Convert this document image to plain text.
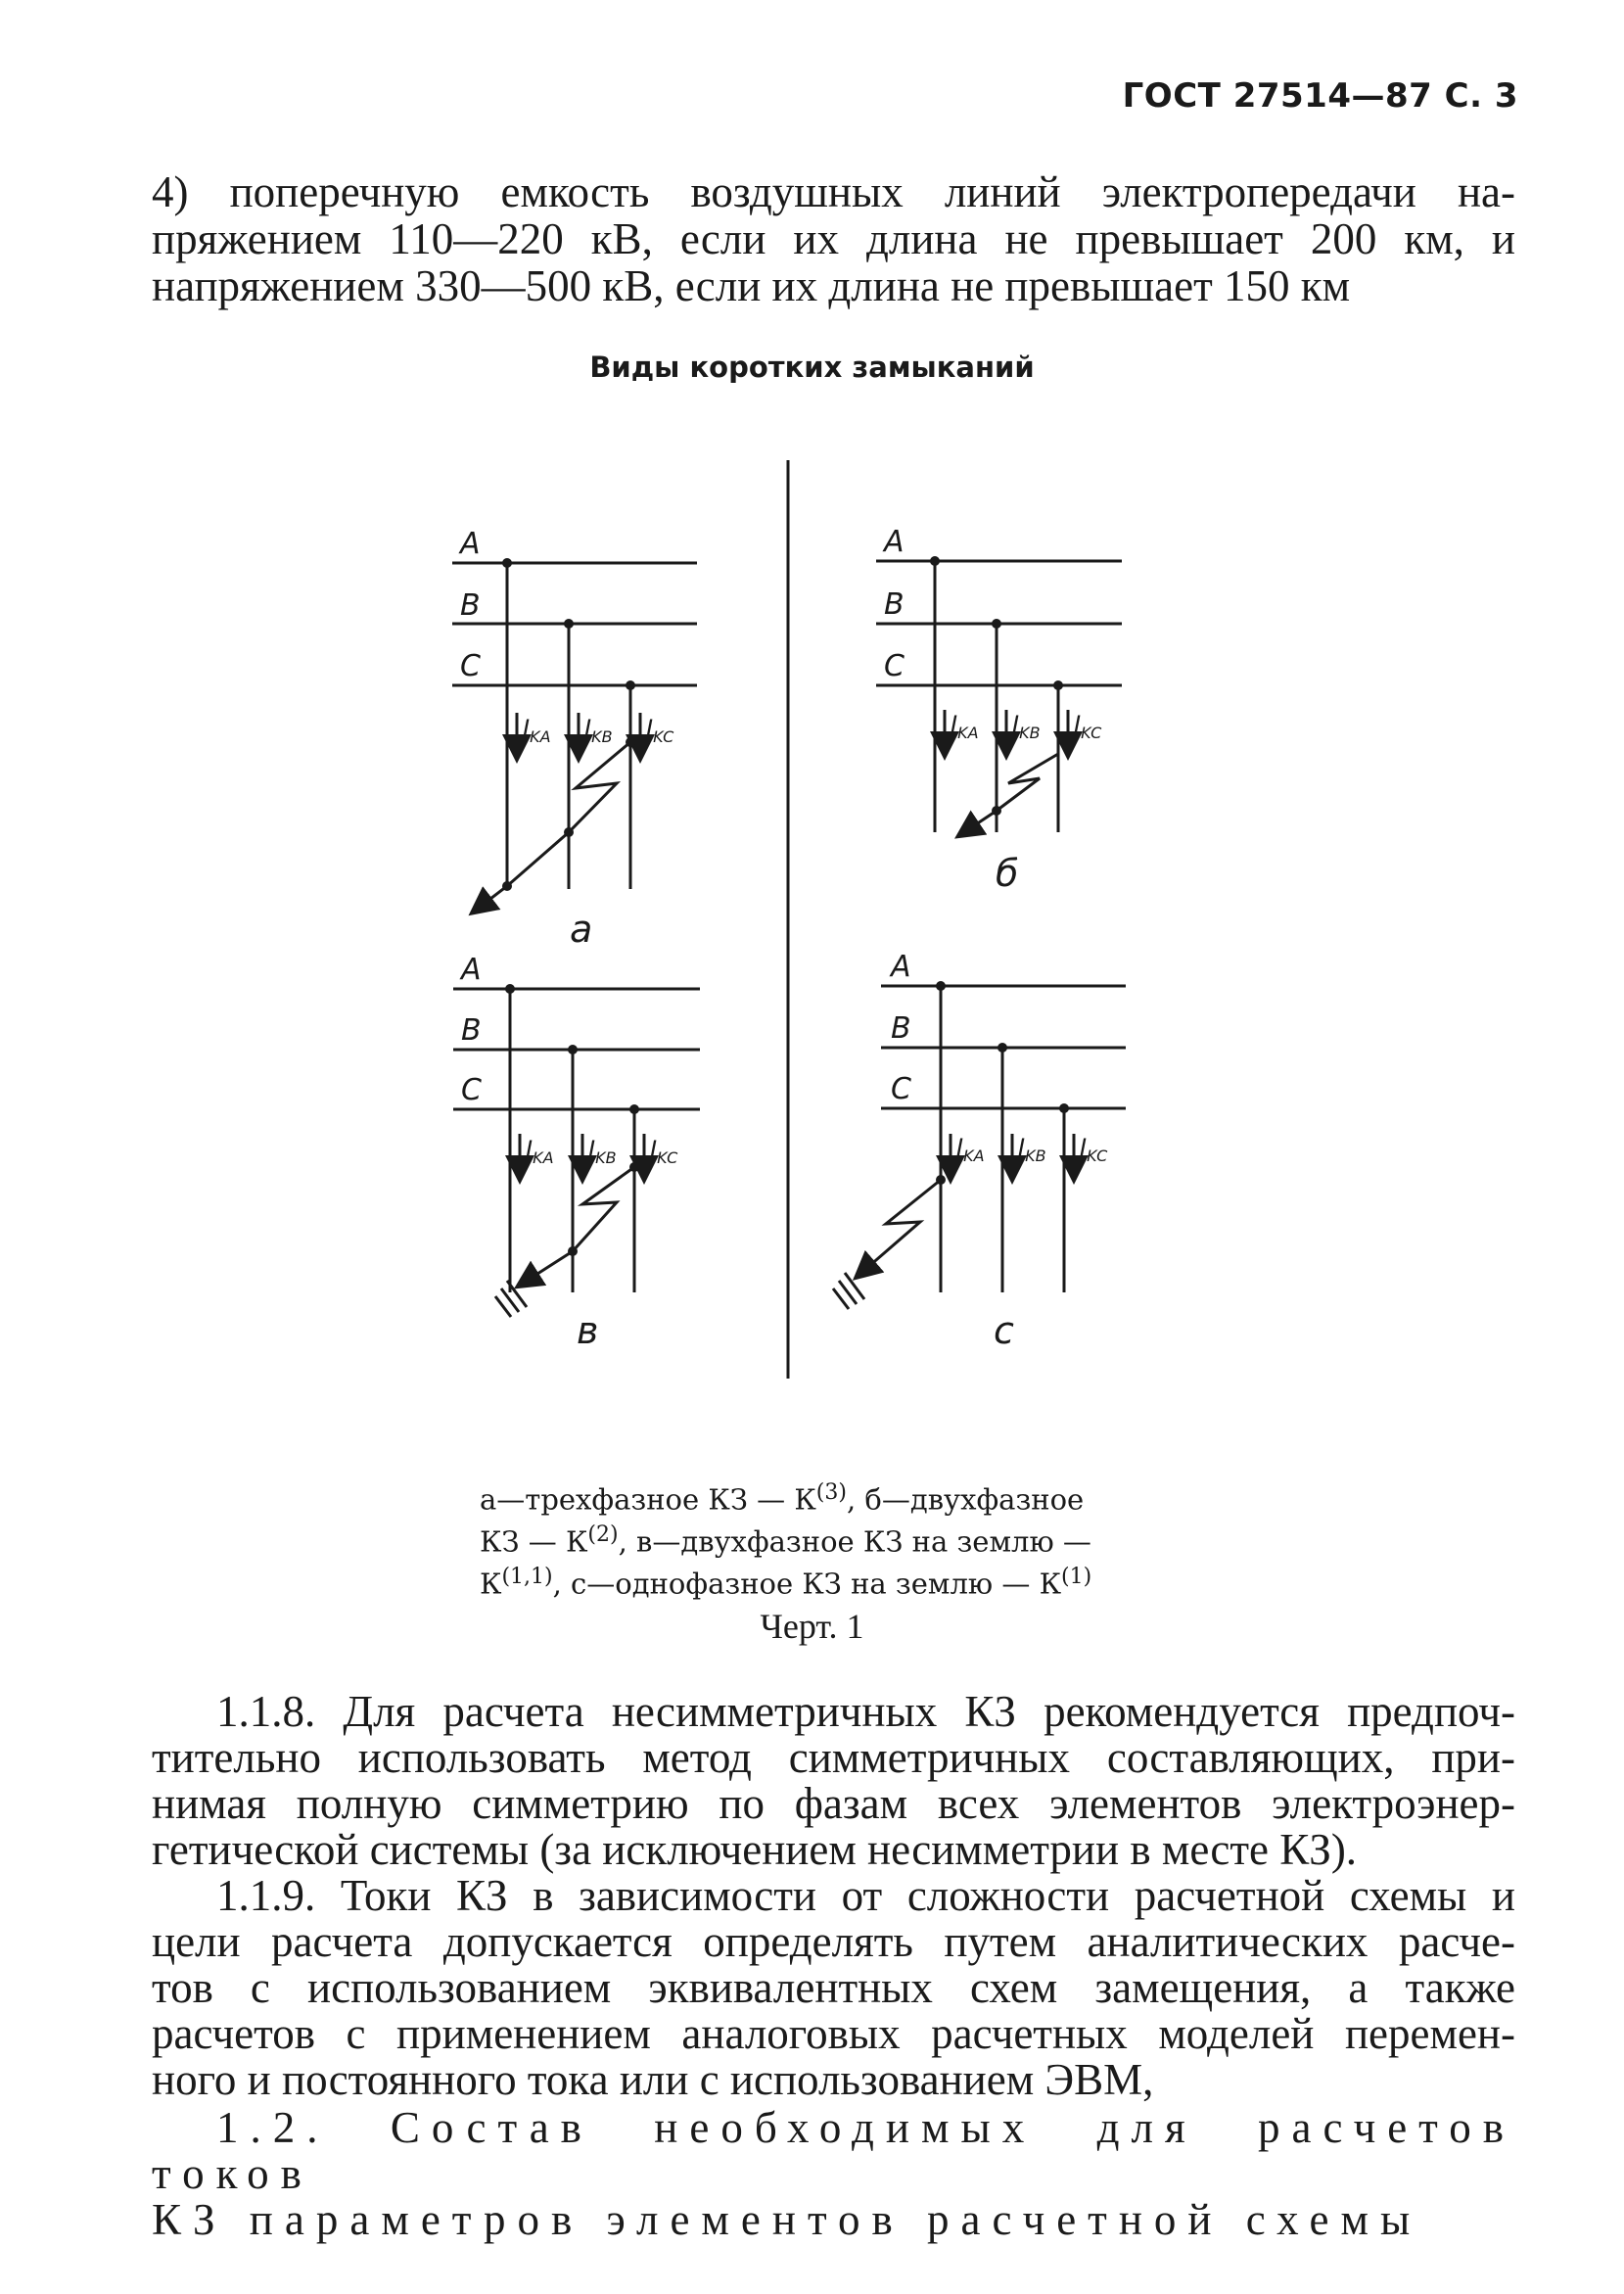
ГОСТ 27514—87 С. 3
4) поперечную емкость воздушных линий электропередачи на-
пряжением 110—220 кВ, если их длина не превышает 200 км, и
напряжением 330—500 кВ, если их длина не превышает 150 км
Виды коротких замыканий
A
B
C
A
B
C
A
B
C
A
B
C
$I_{KA}$ $I_{KB}$ $I_{KC}$	$I_{KA}$ $I_{KB}$ $I_{KC}$
$I_{KA}$ $I_{KB}$ $I_{KC}$	$I_{KA}$ $I_{KB}$ $I_{KC}$
а
б
в	с
а—трехфазное КЗ — $К^{(3)}$, б—двухфазное
КЗ — $К^{(2)}$, в—двухфазное КЗ на землю —
К$^{(1,1)}$, с—однофазное КЗ на землю — $К^{(1)}$
Черт. 1

1.1.8. Для расчета несимметричных КЗ рекомендуется предпоч-

тительно использовать метод симметричных составляющих, при-

нимая полную симметрию по фазам всех элементов электроэнер-

гетической системы (за исключением несимметрии в месте КЗ).

1.1.9. Токи КЗ в зависимости от сложности расчетной схемы и

цели расчета допускается определять путем аналитических расче-

тов с использованием эквивалентных схем замещения, а также

расчетов с применением аналоговых расчетных моделей перемен-

ного и постоянного тока или с использованием ЭВМ,

1.2. Состав необходимых для расчетов токов

КЗ параметров элементов расчетной схемы
